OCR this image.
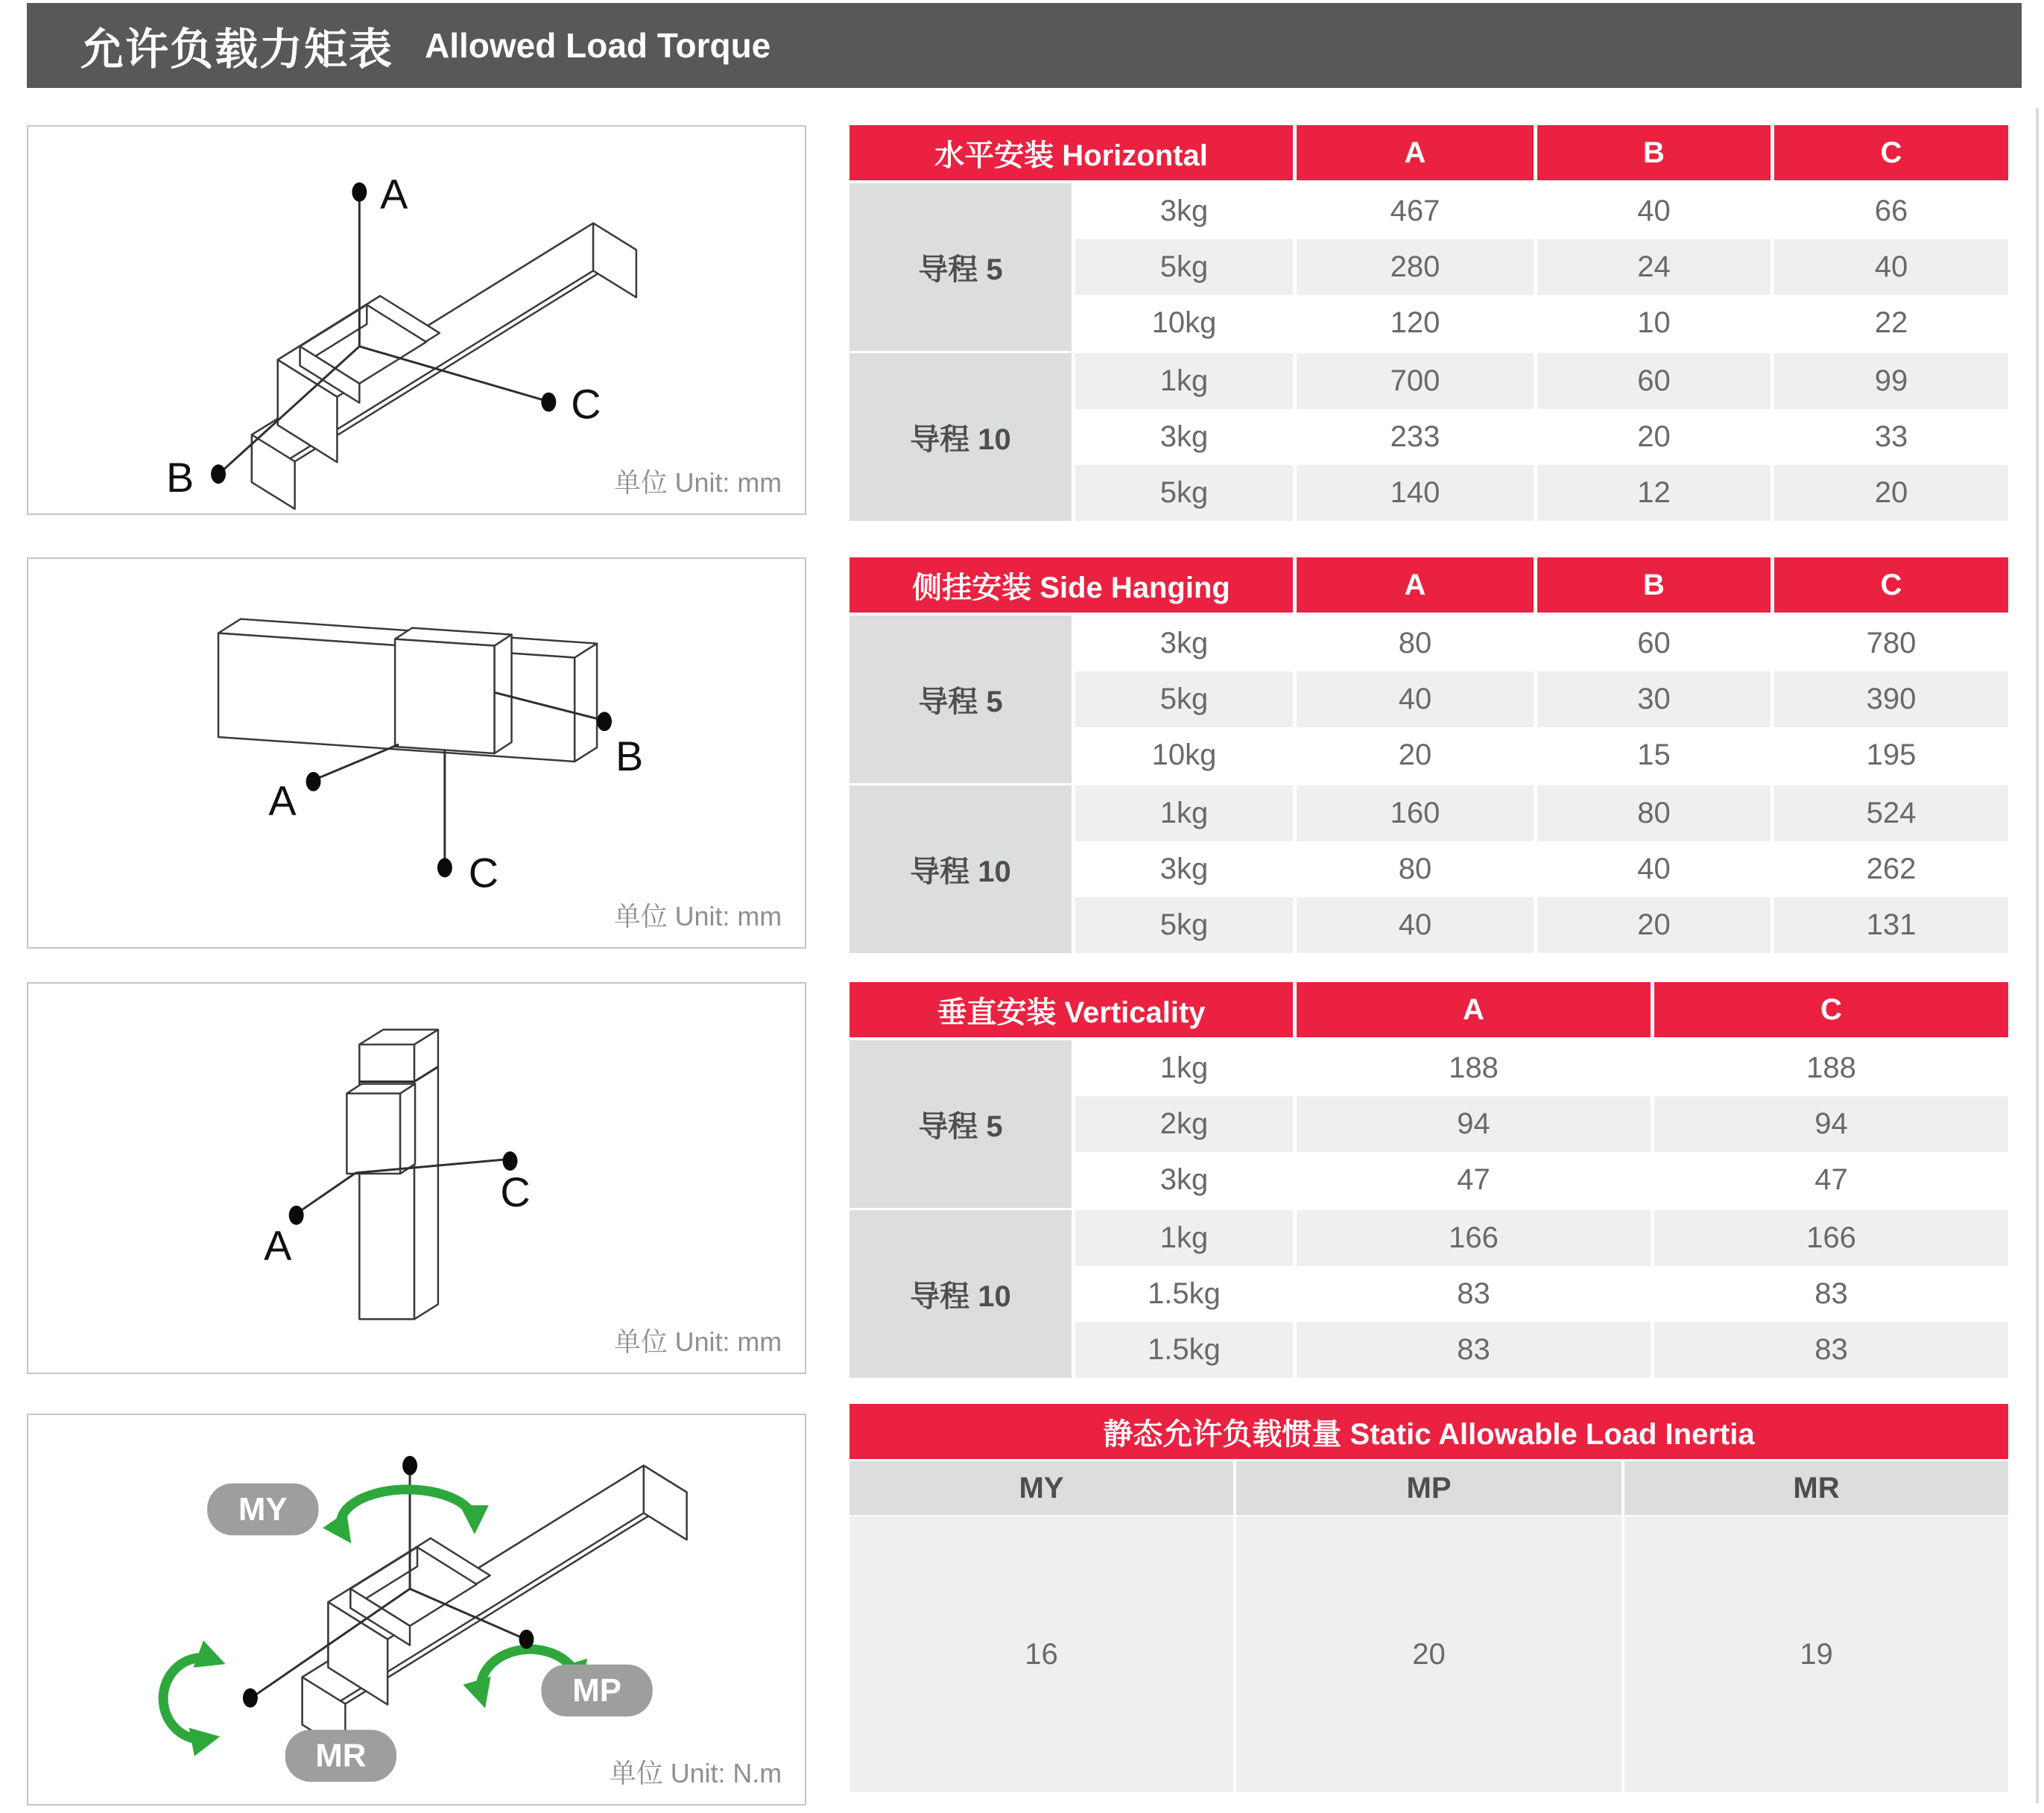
允许负载力矩表 Allowed Load Torque
A
C
B	单位 Unit: mm
A
C
B
单位 Unit: mm
A
C
单位 Unit: mm
MY
MP
MR	单位 Unit: N.m
水平安装 Horizontal	A	B	C
导程 5
3kg	467	40	66
5kg	280	24	40
10kg	120	10	22
导程 10
1kg	700	60	99
3kg	233	20	33
5kg	140	12	20
侧挂安装 Side Hanging	A	B	C
导程 5
3kg	80	60	780
5kg	40	30	390
10kg	20	15	195
导程 10
1kg	160	80	524
3kg	80	40	262
5kg	40	20	131
垂直安装 Verticality	A	C
导程 5
1kg	188	188
2kg	94	94
3kg	47	47
导程 10
1kg	166	166
1.5kg	83	83
1.5kg	83	83
静态允许负载惯量 Static Allowable Load Inertia
MY	MP	MR
16	20	19
